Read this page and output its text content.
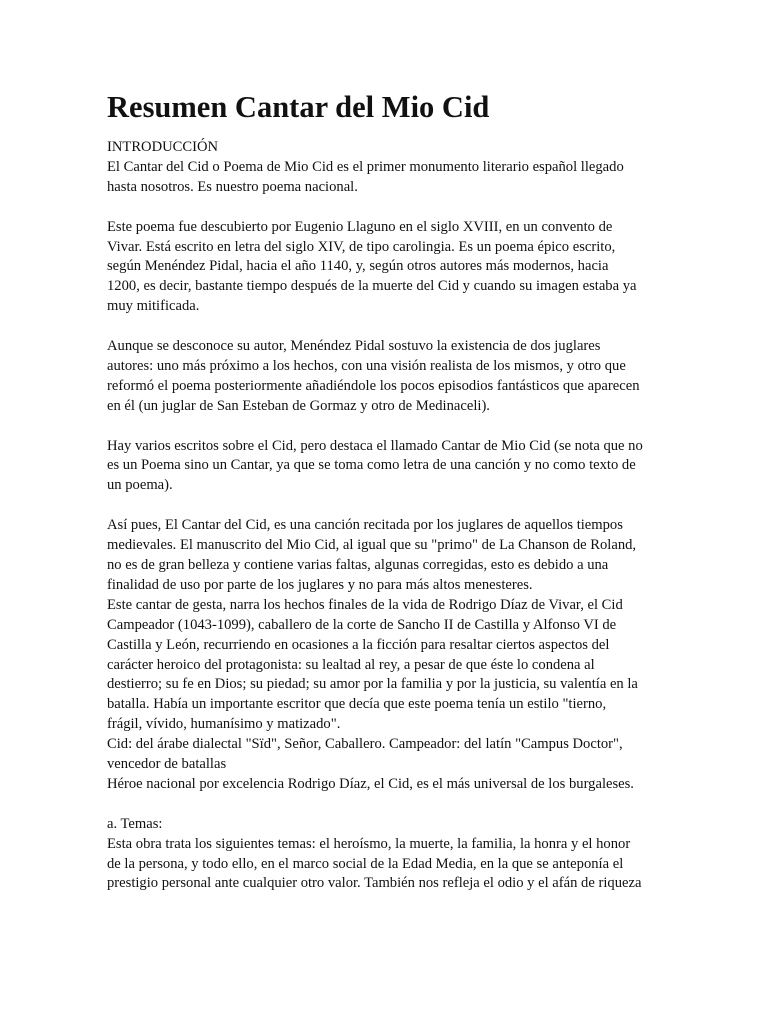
Resumen Cantar del Mio Cid
INTRODUCCIÓN
El Cantar del Cid o Poema de Mio Cid es el primer monumento literario español llegado
hasta nosotros. Es nuestro poema nacional.
Este poema fue descubierto por Eugenio Llaguno en el siglo XVIII, en un convento de
Vivar. Está escrito en letra del siglo XIV, de tipo carolingia. Es un poema épico escrito,
según Menéndez Pidal, hacia el año 1140, y, según otros autores más modernos, hacia
1200, es decir, bastante tiempo después de la muerte del Cid y cuando su imagen estaba ya
muy mitificada.
Aunque se desconoce su autor, Menéndez Pidal sostuvo la existencia de dos juglares
autores: uno más próximo a los hechos, con una visión realista de los mismos, y otro que
reformó el poema posteriormente añadiéndole los pocos episodios fantásticos que aparecen
en él (un juglar de San Esteban de Gormaz y otro de Medinaceli).
Hay varios escritos sobre el Cid, pero destaca el llamado Cantar de Mio Cid (se nota que no
es un Poema sino un Cantar, ya que se toma como letra de una canción y no como texto de
un poema).
Así pues, El Cantar del Cid, es una canción recitada por los juglares de aquellos tiempos
medievales. El manuscrito del Mio Cid, al igual que su "primo" de La Chanson de Roland,
no es de gran belleza y contiene varias faltas, algunas corregidas, esto es debido a una
finalidad de uso por parte de los juglares y no para más altos menesteres.
Este cantar de gesta, narra los hechos finales de la vida de Rodrigo Díaz de Vivar, el Cid
Campeador (1043-1099), caballero de la corte de Sancho II de Castilla y Alfonso VI de
Castilla y León, recurriendo en ocasiones a la ficción para resaltar ciertos aspectos del
carácter heroico del protagonista: su lealtad al rey, a pesar de que éste lo condena al
destierro; su fe en Dios; su piedad; su amor por la familia y por la justicia, su valentía en la
batalla. Había un importante escritor que decía que este poema tenía un estilo "tierno,
frágil, vívido, humanísimo y matizado".
Cid: del árabe dialectal "Sïd", Señor, Caballero. Campeador: del latín "Campus Doctor",
vencedor de batallas
Héroe nacional por excelencia Rodrigo Díaz, el Cid, es el más universal de los burgaleses.
a. Temas:
Esta obra trata los siguientes temas: el heroísmo, la muerte, la familia, la honra y el honor
de la persona, y todo ello, en el marco social de la Edad Media, en la que se anteponía el
prestigio personal ante cualquier otro valor. También nos refleja el odio y el afán de riqueza
